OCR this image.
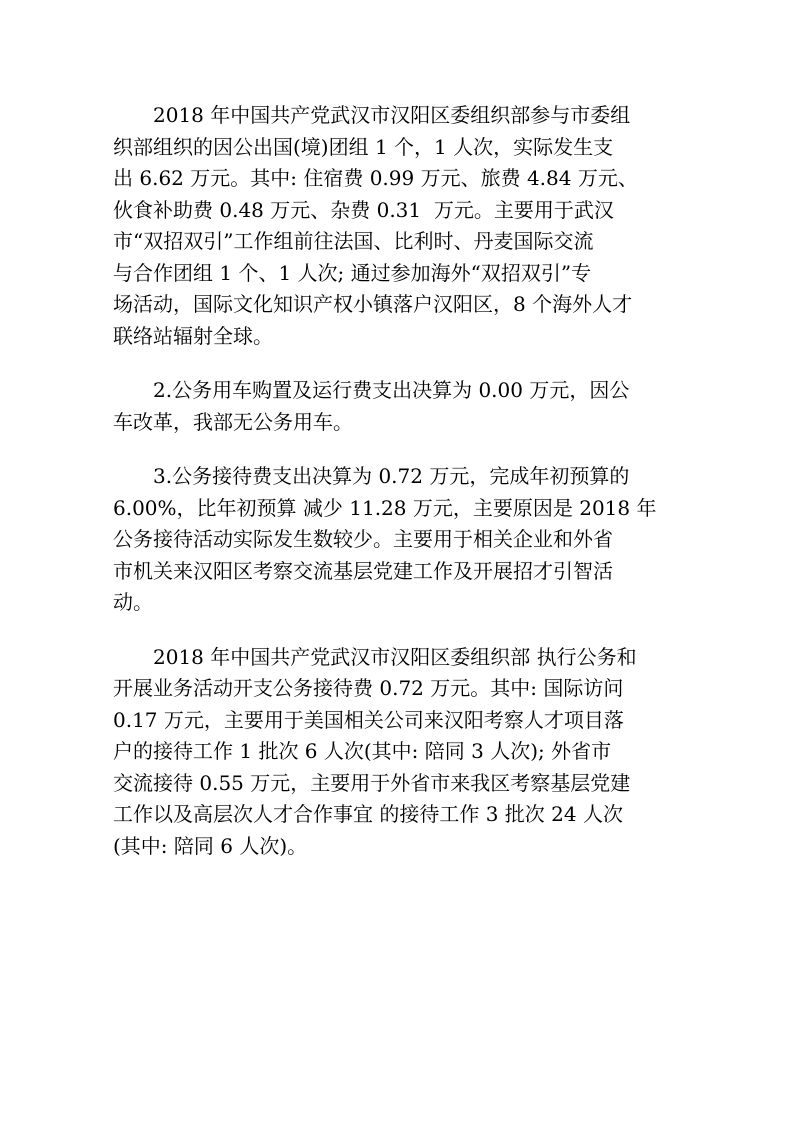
2018 年中国共产党武汉市汉阳区委组织部参与市委组
织部组织的因公出国(境)团组 1 个，1 人次，实际发生支
出 6.62 万元。其中: 住宿费 0.99 万元、旅费 4.84 万元、
伙食补助费 0.48 万元、杂费 0.31  万元。主要用于武汉
市“双招双引”工作组前往法国、比利时、丹麦国际交流
与合作团组 1 个、1 人次; 通过参加海外“双招双引”专
场活动，国际文化知识产权小镇落户汉阳区，8 个海外人才
联络站辐射全球。

2.公务用车购置及运行费支出决算为 0.00 万元，因公
车改革，我部无公务用车。

3.公务接待费支出决算为 0.72 万元，完成年初预算的
6.00%，比年初预算 减少 11.28 万元，主要原因是 2018 年
公务接待活动实际发生数较少。主要用于相关企业和外省
市机关来汉阳区考察交流基层党建工作及开展招才引智活
动。

2018 年中国共产党武汉市汉阳区委组织部 执行公务和
开展业务活动开支公务接待费 0.72 万元。其中: 国际访问
0.17 万元，主要用于美国相关公司来汉阳考察人才项目落
户的接待工作 1 批次 6 人次(其中: 陪同 3 人次); 外省市
交流接待 0.55 万元，主要用于外省市来我区考察基层党建
工作以及高层次人才合作事宜 的接待工作 3 批次 24 人次
(其中: 陪同 6 人次)。
